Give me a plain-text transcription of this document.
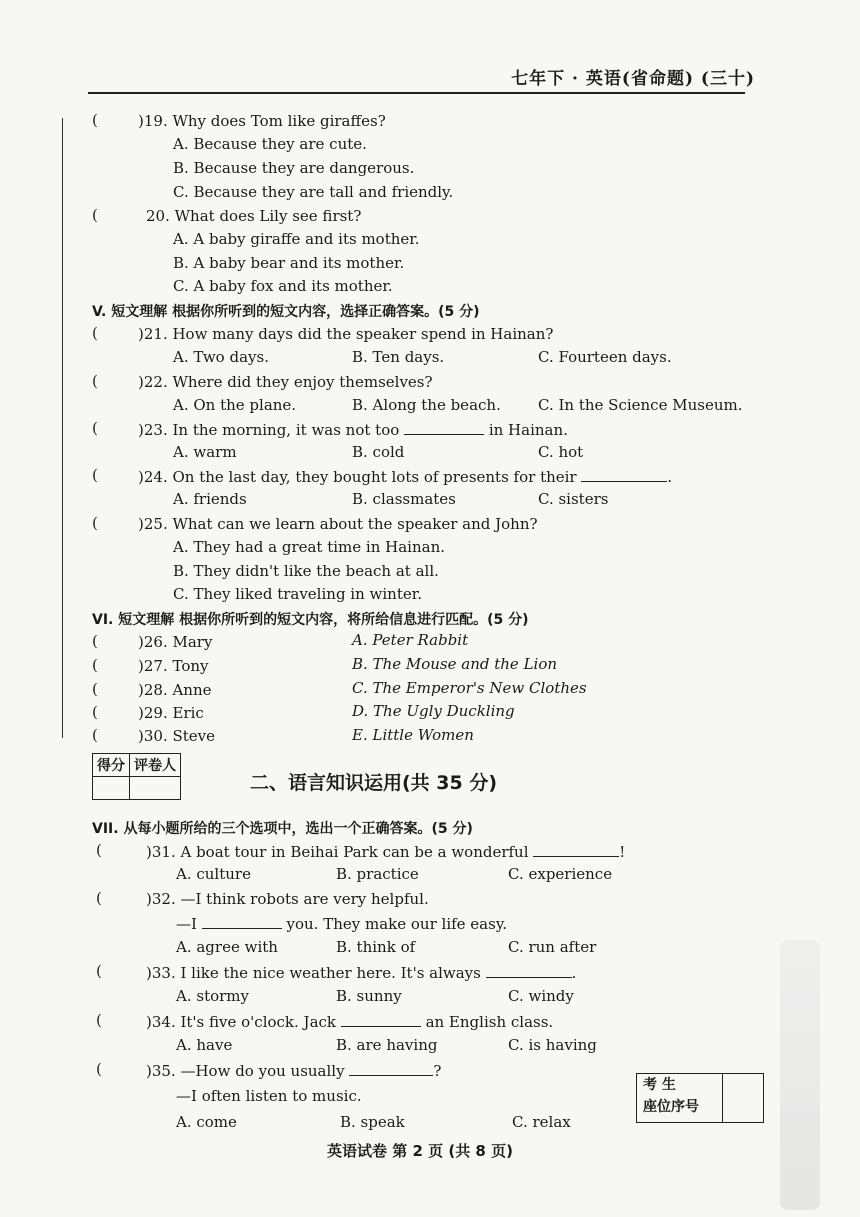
七年下 · 英语(省命题) (三十)
(	)19. Why does Tom like giraffes?
A. Because they are cute.
B. Because they are dangerous.
C. Because they are tall and friendly.
(	20. What does Lily see first?
A. A baby giraffe and its mother.
B. A baby bear and its mother.
C. A baby fox and its mother.
V. 短文理解 根据你所听到的短文内容，选择正确答案。(5 分)
(	)21. How many days did the speaker spend in Hainan?
A. Two days.	B. Ten days.	C. Fourteen days.
(	)22. Where did they enjoy themselves?
A. On the plane.	B. Along the beach. C. In the Science Museum.
(	)23. In the morning, it was not too	in Hainan.
A. warm	B. cold	C. hot
(	)24. On the last day, they bought lots of presents for their	.
A. friends	B. classmates	C. sisters
(	)25. What can we learn about the speaker and John?
A. They had a great time in Hainan.
B. They didn't like the beach at all.
C. They liked traveling in winter.
VI. 短文理解 根据你所听到的短文内容，将所给信息进行匹配。(5 分)
(	)26. Mary	A. Peter Rabbit
(	)27. Tony	B. The Mouse and the Lion
(	)28. Anne	C. The Emperor's New Clothes
(	)29. Eric	D. The Ugly Duckling
(	)30. Steve	E. Little Women
得分	评卷人

二、语言知识运用(共 35 分)
VII. 从每小题所给的三个选项中，选出一个正确答案。(5 分)
(	)31. A boat tour in Beihai Park can be a wonderful	!
A. culture	B. practice	C. experience
(	)32. —I think robots are very helpful.
—I	you. They make our life easy.
A. agree with	B. think of	C. run after
(	)33. I like the nice weather here. It's always	.
A. stormy	B. sunny	C. windy
(	)34. It's five o'clock. Jack	an English class.
A. have	B. are having	C. is having
(	)35. —How do you usually	?
—I often listen to music.
A. come	B. speak	C. relax
考 生
座位序号
英语试卷 第 2 页 (共 8 页)
